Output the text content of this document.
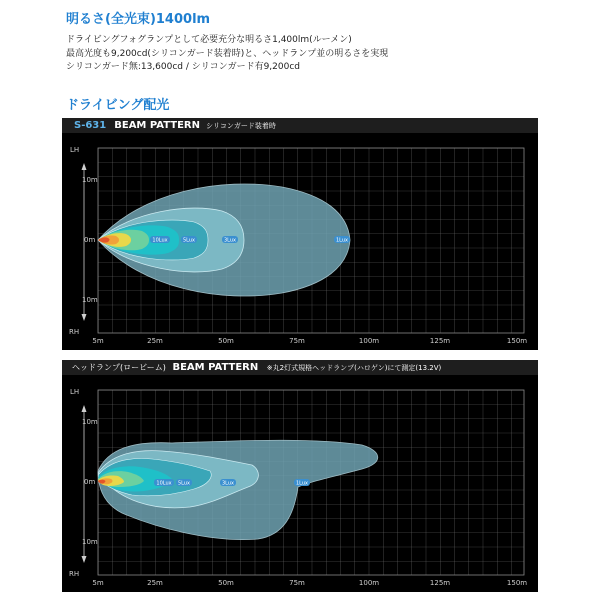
明るさ(全光束)1400lm
ドライビングフォグランプとして必要充分な明るさ1,400lm(ルーメン)
最高光度も9,200cd(シリコンガード装着時)と、ヘッドランプ並の明るさを実現
シリコンガード無:13,600cd / シリコンガード有9,200cd
ドライビング配光
S-631 BEAM PATTERN シリコンガード装着時
10Lux	5Lux	3Lux	1Lux
LH
10m
0m
10m
RH
5m	25m	50m	75m	100m	125m	150m
ヘッドランプ(ロービーム) BEAM PATTERN ※丸2灯式規格ヘッドランプ(ハロゲン)にて測定(13.2V)
10Lux 5Lux	3Lux	1Lux
LH
10m
0m
10m
RH
5m	25m	50m	75m	100m	125m	150m
